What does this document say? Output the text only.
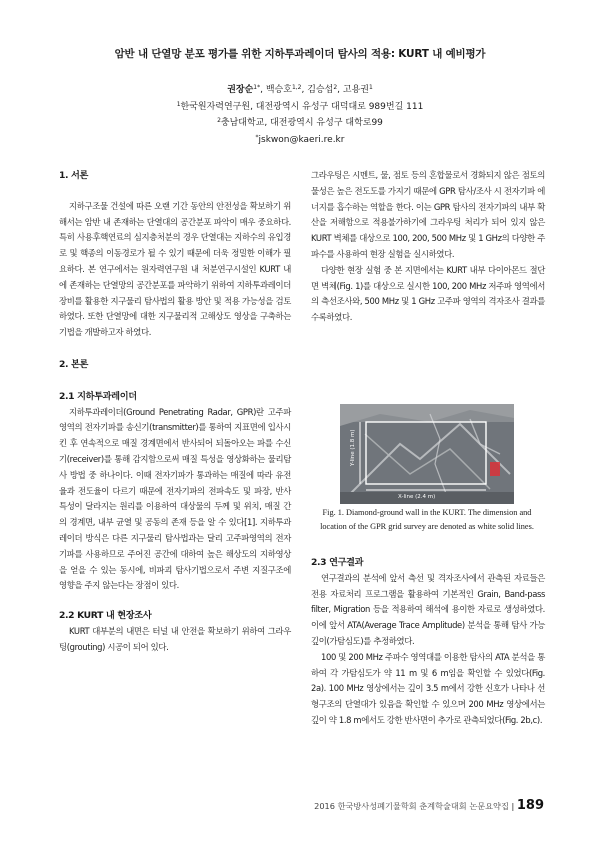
암반 내 단열망 분포 평가를 위한 지하투과레이더 탐사의 적용: KURT 내 예비평가
권장순$^{1*}$, 백승호$^{1,2}$, 김승섭$^2$, 고용권$^1$
$^1$한국원자력연구원, 대전광역시 유성구 대덕대로 989번길 111
$^2$충남대학교, 대전광역시 유성구 대학로99
*jskwon@kaeri.re.kr

1. 서론

지하구조물 건설에 따른 오랜 기간 동안의 안전성을 확보하기 위해서는 암반 내 존재하는 단열대의 공간분포 파악이 매우 중요하다. 특히 사용후핵연료의 심지층처분의 경우 단열대는 지하수의 유입경로 및 핵종의 이동경로가 될 수 있기 때문에 더욱 정밀한 이해가 필요하다. 본 연구에서는 원자력연구원 내 처분연구시설인 KURT 내에 존재하는 단열망의 공간분포를 파악하기 위하여 지하투과레이더 장비를 활용한 지구물리 탐사법의 활용 방안 및 적용 가능성을 검토하였다. 또한 단열망에 대한 지구물리적 고해상도 영상을 구축하는 기법을 개발하고자 하였다.

2. 본론

2.1 지하투과레이더

지하투과레이더(Ground Penetrating Radar, GPR)란 고주파영역의 전자기파를 송신기(transmitter)를 통하여 지표면에 입사시킨 후 연속적으로 매질 경계면에서 반사되어 되돌아오는 파를 수신기(receiver)를 통해 감지함으로써 매질 특성을 영상화하는 물리탐사 방법 중 하나이다. 이때 전자기파가 통과하는 매질에 따라 유전율과 전도율이 다르기 때문에 전자기파의 전파속도 및 파장, 반사 특성이 달라지는 원리를 이용하여 대상물의 두께 및 위치, 매질 간의 경계면, 내부 균열 및 공동의 존재 등을 알 수 있다[1]. 지하투과레이더 방식은 다른 지구물리 탐사법과는 달리 고주파영역의 전자기파를 사용하므로 주어진 공간에 대하여 높은 해상도의 지하영상을 얻을 수 있는 동시에, 비파괴 탐사기법으로서 주변 지질구조에 영향을 주지 않는다는 장점이 있다.

2.2 KURT 내 현장조사

KURT 대부분의 내면은 터널 내 안전을 확보하기 위하여 그라우팅(grouting) 시공이 되어 있다.

그라우팅은 시멘트, 물, 점토 등의 혼합물로서 경화되지 않은 점토의 물성은 높은 전도도를 가지기 때문에 GPR 탐사/조사 시 전자기파 에너지를 흡수하는 역할을 한다. 이는 GPR 탐사의 전자기파의 내부 확산을 저해함으로 적용불가하기에 그라우팅 처리가 되어 있지 않은 KURT 벽체를 대상으로 100, 200, 500 MHz 및 1 GHz의 다양한 주파수를 사용하여 현장 실험을 실시하였다.

다양한 현장 실험 중 본 지면에서는 KURT 내부 다이아몬드 절단면 벽체(Fig. 1)를 대상으로 실시한 100, 200 MHz 저주파 영역에서의 측선조사와, 500 MHz 및 1 GHz 고주파 영역의 격자조사 결과를 수록하였다.

Y-line (1.8 m)
X-line (2.4 m)
Fig. 1. Diamond-ground wall in the KURT. The dimension and location of the GPR grid survey are denoted as white solid lines.

2.3 연구결과

연구결과의 분석에 앞서 측선 및 격자조사에서 관측된 자료들은 전용 자료처리 프로그램을 활용하여 기본적인 Grain, Band-pass filter, Migration 등을 적용하여 해석에 용이한 자료로 생성하였다. 이에 앞서 ATA(Average Trace Amplitude) 분석을 통해 탐사 가능 깊이(가탐심도)를 추정하였다.

100 및 200 MHz 주파수 영역대를 이용한 탐사의 ATA 분석을 통하여 각 가탐심도가 약 11 m 및 6 m임을 확인할 수 있었다(Fig. 2a). 100 MHz 영상에서는 깊이 3.5 m에서 강한 신호가 나타나 선형구조의 단열대가 있음을 확인할 수 있으며 200 MHz 영상에서는 깊이 약 1.8 m에서도 강한 반사면이 추가로 관측되었다(Fig. 2b,c).

2016 한국방사성폐기물학회 춘계학술대회 논문요약집 | 189
